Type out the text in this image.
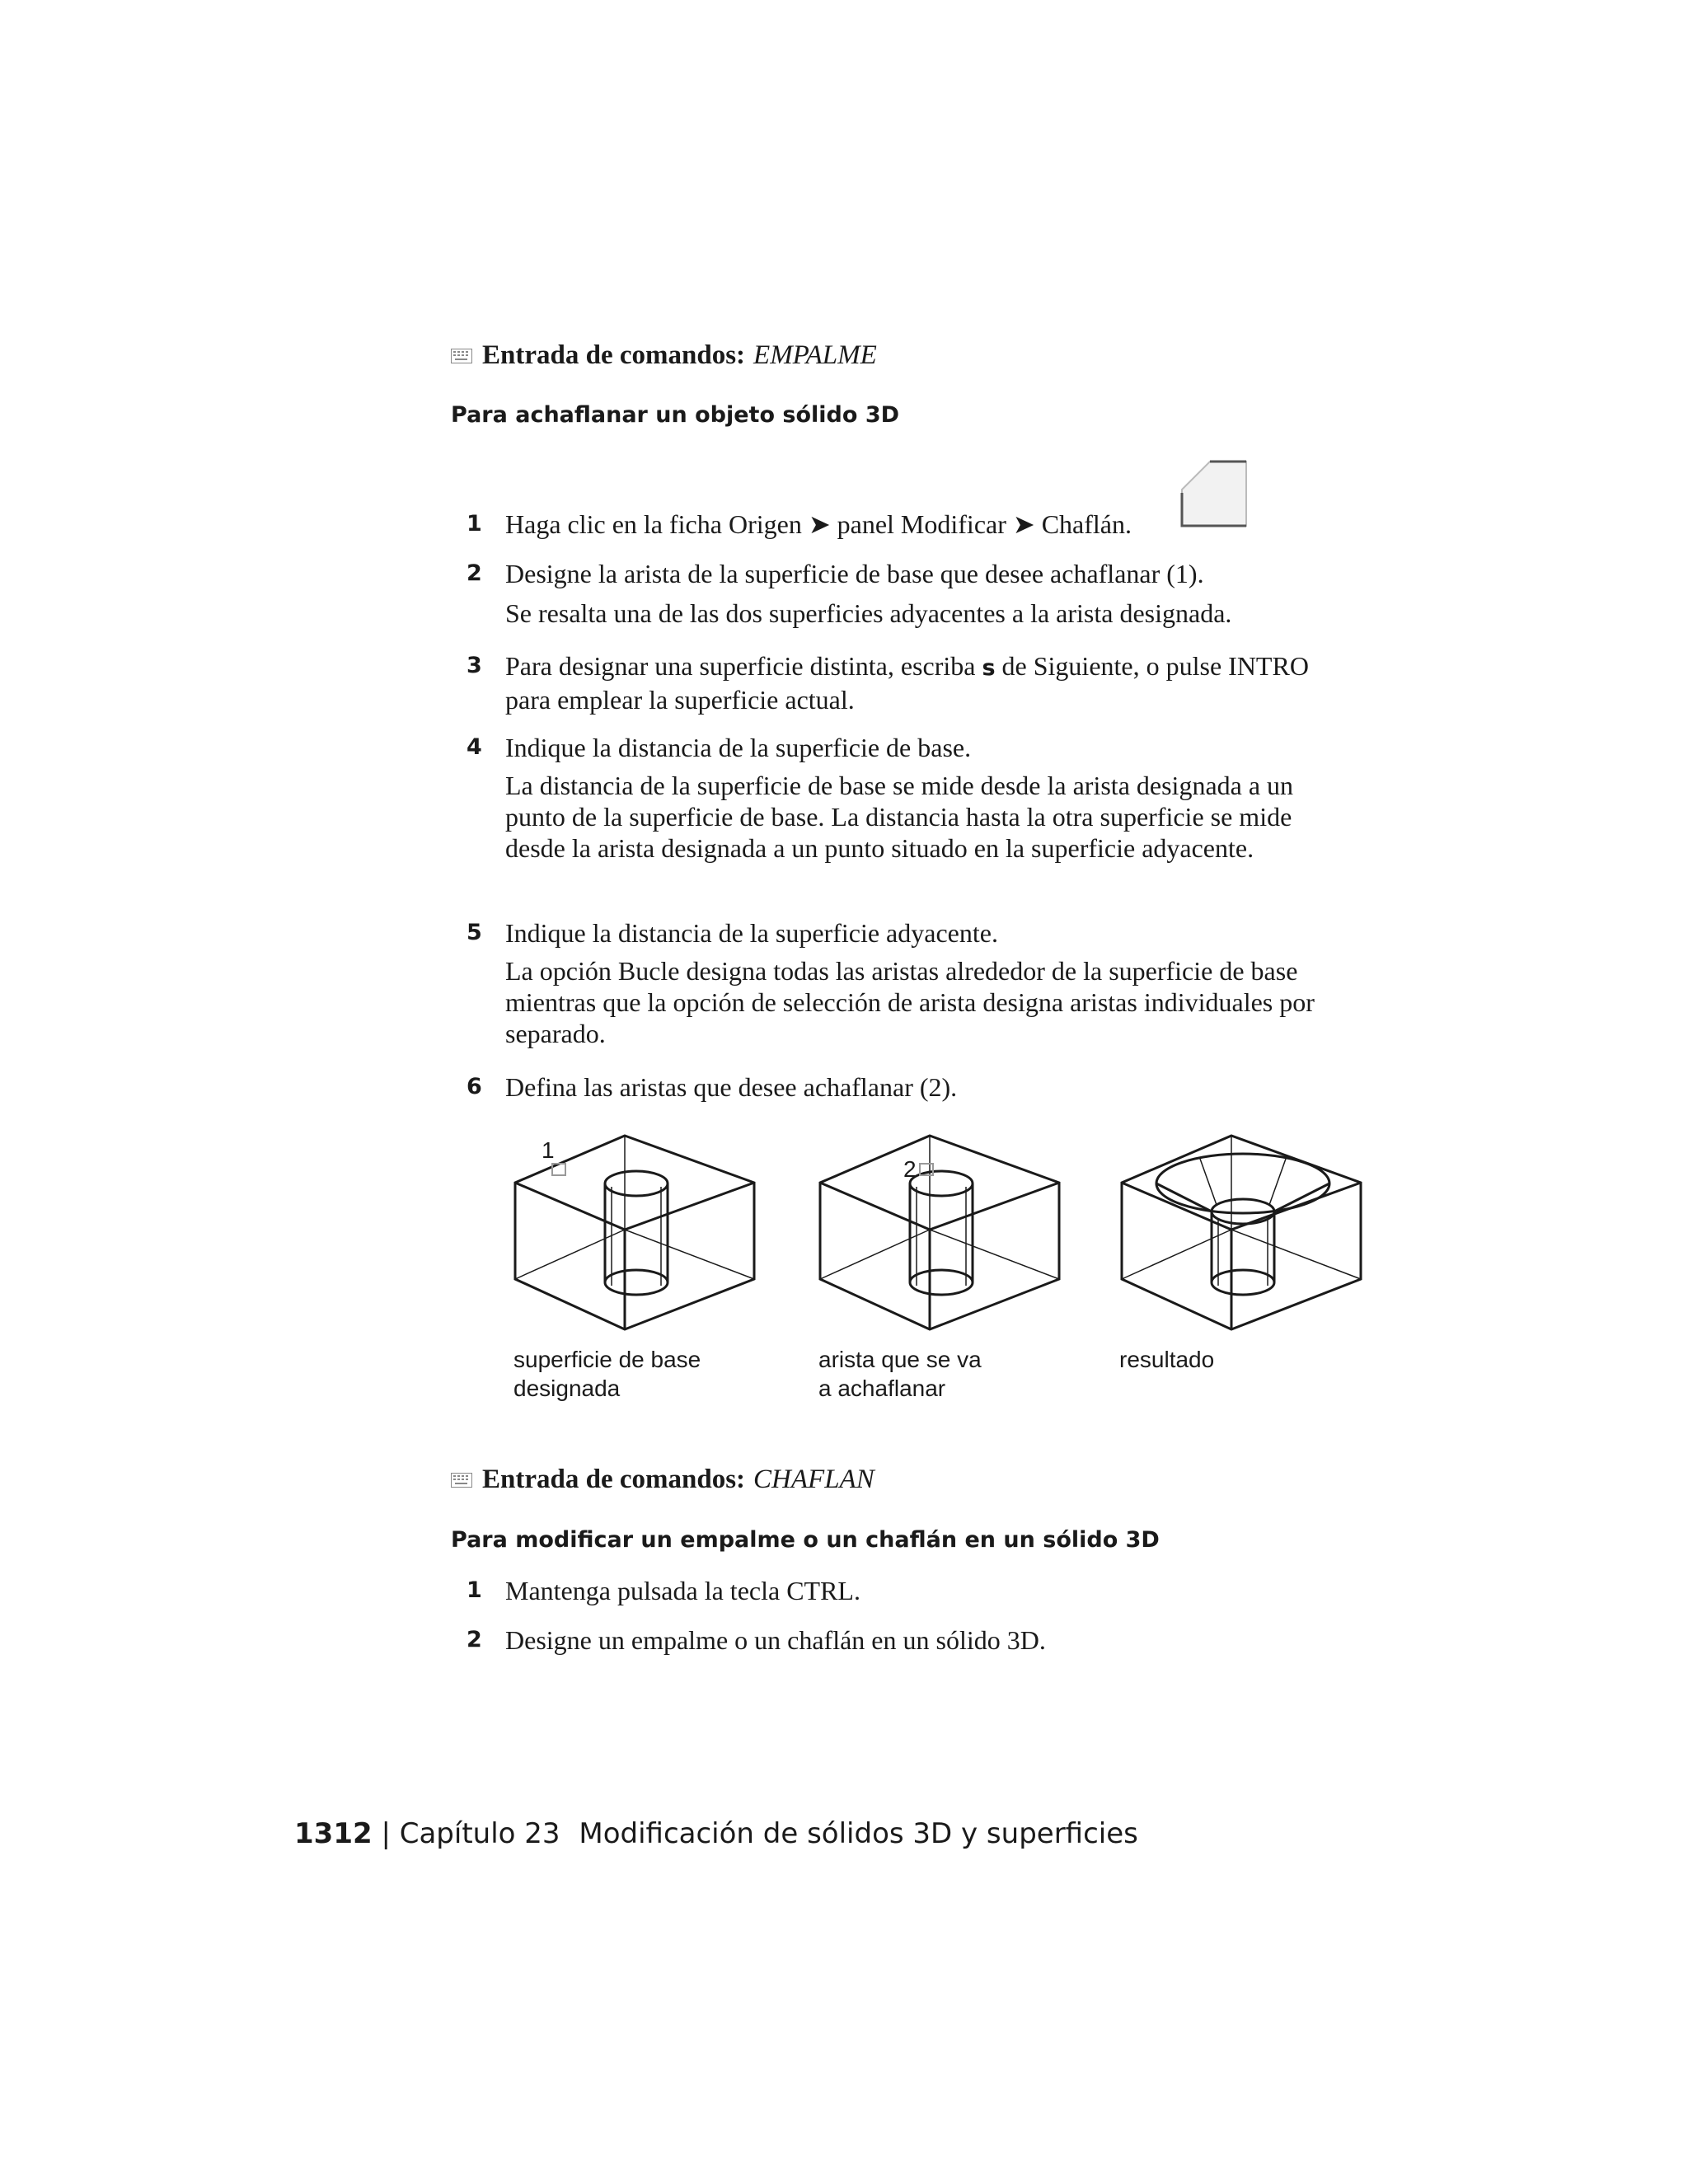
Entrada de comandos: EMPALME
Para achaflanar un objeto sólido 3D
1 Haga clic en la ficha Origen ➤ panel Modificar ➤ Chaflán.
2 Designe la arista de la superficie de base que desee achaflanar (1).
Se resalta una de las dos superficies adyacentes a la arista designada.
3 Para designar una superficie distinta, escriba s de Siguiente, o pulse INTRO para emplear la superficie actual.
4 Indique la distancia de la superficie de base.
La distancia de la superficie de base se mide desde la arista designada a un punto de la superficie de base. La distancia hasta la otra superficie se mide desde la arista designada a un punto situado en la superficie adyacente.
5 Indique la distancia de la superficie adyacente.
La opción Bucle designa todas las aristas alrededor de la superficie de base mientras que la opción de selección de arista designa aristas individuales por separado.
6 Defina las aristas que desee achaflanar (2).
1
2
superficie de base
designada
arista que se va
a achaflanar
resultado
Entrada de comandos: CHAFLAN
Para modificar un empalme o un chaflán en un sólido 3D
1 Mantenga pulsada la tecla CTRL.
2 Designe un empalme o un chaflán en un sólido 3D.
1312 | Capítulo 23 Modificación de sólidos 3D y superficies
